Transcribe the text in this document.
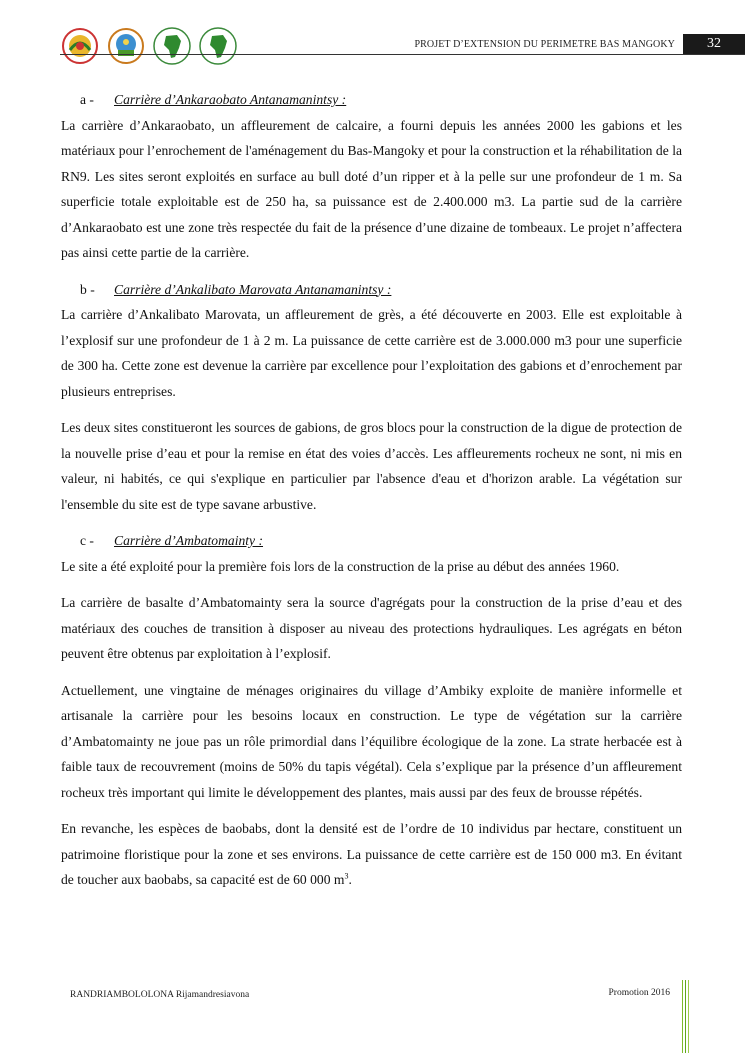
PROJET D’EXTENSION DU PERIMETRE BAS MANGOKY	32
a -	Carrière d’Ankaraobato Antanamanintsy :

La carrière d’Ankaraobato, un affleurement de calcaire, a fourni depuis les années 2000 les gabions et les matériaux pour l’enrochement de l'aménagement du Bas-Mangoky et pour la construction et la réhabilitation de la RN9. Les sites seront exploités en surface au bull doté d’un ripper et à la pelle sur une profondeur de 1 m. Sa superficie totale exploitable est de 250 ha, sa puissance est de 2.400.000 m3. La partie sud de la carrière d’Ankaraobato est une zone très respectée du fait de la présence d’une dizaine de tombeaux. Le projet n’affectera pas ainsi cette partie de la carrière.

b -	Carrière d’Ankalibato Marovata Antanamanintsy :

La carrière d’Ankalibato Marovata, un affleurement de grès, a été découverte en 2003. Elle est exploitable à l’explosif sur une profondeur de 1 à 2 m. La puissance de cette carrière est de 3.000.000 m3 pour une superficie de 300 ha. Cette zone est devenue la carrière par excellence pour l’exploitation des gabions et d’enrochement par plusieurs entreprises.

Les deux sites constitueront les sources de gabions, de gros blocs pour la construction de la digue de protection de la nouvelle prise d’eau et pour la remise en état des voies d’accès. Les affleurements rocheux ne sont, ni mis en valeur, ni habités, ce qui s'explique en particulier par l'absence d'eau et d'horizon arable. La végétation sur l'ensemble du site est de type savane arbustive.

c -	Carrière d’Ambatomainty :

Le site a été exploité pour la première fois lors de la construction de la prise au début des années 1960.

La carrière de basalte d’Ambatomainty sera la source d'agrégats pour la construction de la prise d’eau et des matériaux des couches de transition à disposer au niveau des protections hydrauliques. Les agrégats en béton peuvent être obtenus par exploitation à l’explosif.

Actuellement, une vingtaine de ménages originaires du village d’Ambiky exploite de manière informelle et artisanale la carrière pour les besoins locaux en construction. Le type de végétation sur la carrière d’Ambatomainty ne joue pas un rôle primordial dans l’équilibre écologique de la zone. La strate herbacée est à faible taux de recouvrement (moins de 50% du tapis végétal). Cela s’explique par la présence d’un affleurement rocheux très important qui limite le développement des plantes, mais aussi par des feux de brousse répétés.

En revanche, les espèces de baobabs, dont la densité est de l’ordre de 10 individus par hectare, constituent un patrimoine floristique pour la zone et ses environs. La puissance de cette carrière est de 150 000 m3. En évitant de toucher aux baobabs, sa capacité est de 60 000 $m^3$.

RANDRIAMBOLOLONA Rijamandresiavona	Promotion 2016
